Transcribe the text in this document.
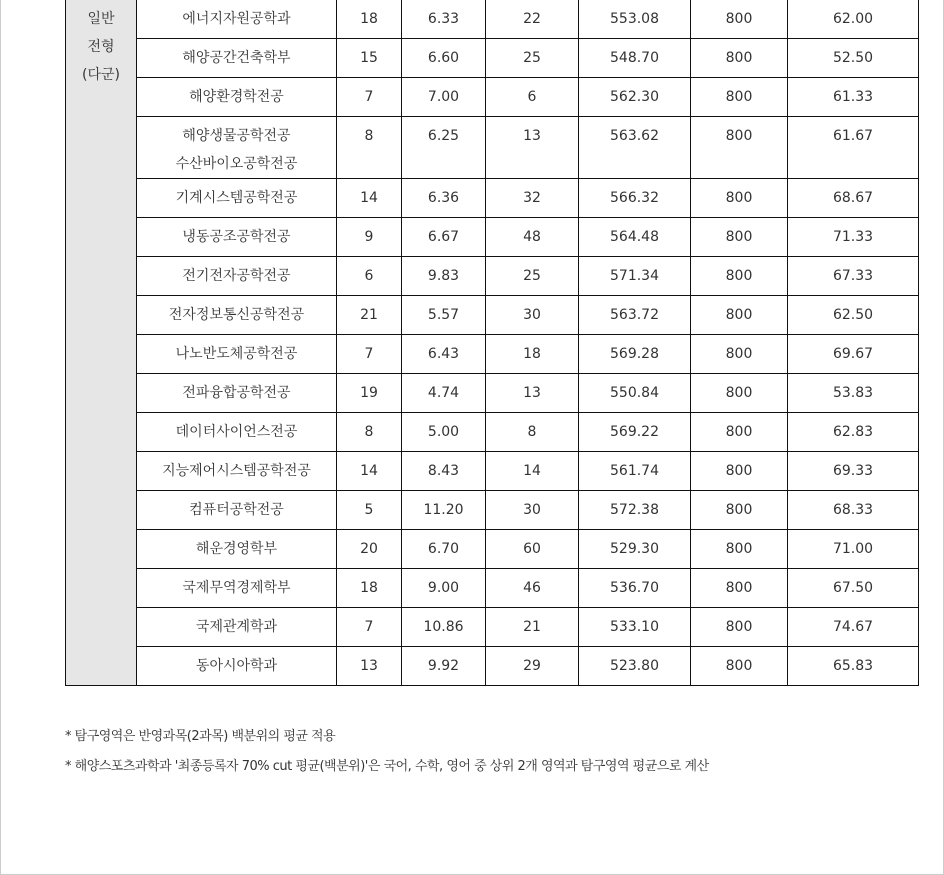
일반
전형
(다군)	에너지자원공학과	18	6.33	22	553.08	800	62.00
	해양공간건축학부	15	6.60	25	548.70	800	52.50
	해양환경학전공	7	7.00	6	562.30	800	61.33
	해양생물공학전공
수산바이오공학전공	8	6.25	13	563.62	800	61.67
	기계시스템공학전공	14	6.36	32	566.32	800	68.67
	냉동공조공학전공	9	6.67	48	564.48	800	71.33
	전기전자공학전공	6	9.83	25	571.34	800	67.33
	전자정보통신공학전공	21	5.57	30	563.72	800	62.50
	나노반도체공학전공	7	6.43	18	569.28	800	69.67
	전파융합공학전공	19	4.74	13	550.84	800	53.83
	데이터사이언스전공	8	5.00	8	569.22	800	62.83
	지능제어시스템공학전공	14	8.43	14	561.74	800	69.33
	컴퓨터공학전공	5	11.20	30	572.38	800	68.33
	해운경영학부	20	6.70	60	529.30	800	71.00
	국제무역경제학부	18	9.00	46	536.70	800	67.50
	국제관계학과	7	10.86	21	533.10	800	74.67
	동아시아학과	13	9.92	29	523.80	800	65.83
* 탐구영역은 반영과목(2과목) 백분위의 평균 적용
* 해양스포츠과학과 '최종등록자 70% cut 평균(백분위)'은 국어, 수학, 영어 중 상위 2개 영역과 탐구영역 평균으로 계산
